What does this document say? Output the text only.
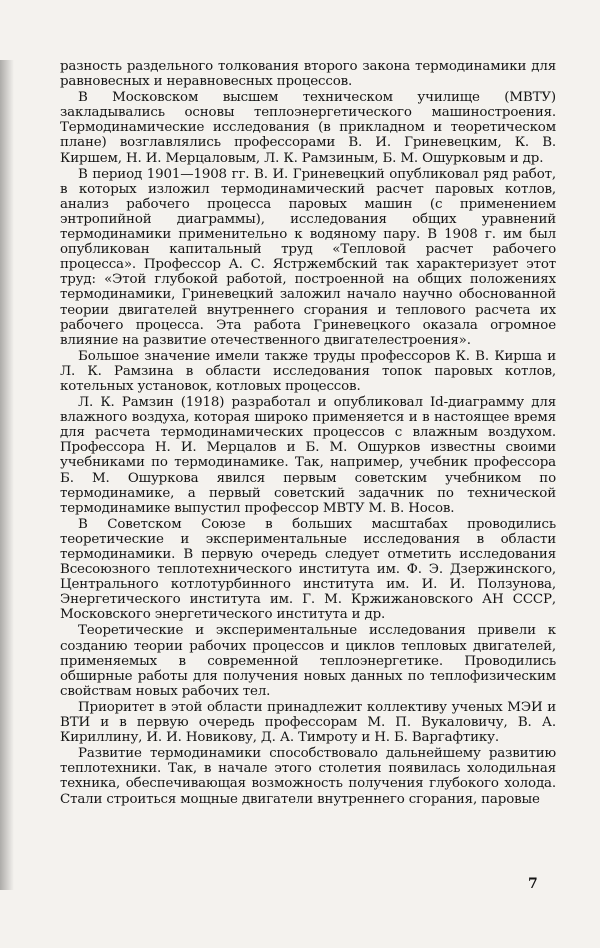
разность раздельного толкования второго закона термодинамики для равновесных и неравновесных процессов.

В Московском высшем техническом училище (МВТУ) закладывались основы теплоэнергетического машиностроения. Термодинамические исследования (в прикладном и теоретическом плане) возглавлялись профессорами В. И. Гриневецким, К. В. Киршем, Н. И. Мерцаловым, Л. К. Рамзиным, Б. М. Ошурковым и др.

В период 1901—1908 гг. В. И. Гриневецкий опубликовал ряд работ, в которых изложил термодинамический расчет паровых котлов, анализ рабочего процесса паровых машин (с применением энтропийной диаграммы), исследования общих уравнений термодинамики применительно к водяному пару. В 1908 г. им был опубликован капитальный труд «Тепловой расчет рабочего процесса». Профессор А. С. Ястржембский так характеризует этот труд: «Этой глубокой работой, построенной на общих положениях термодинамики, Гриневецкий заложил начало научно обоснованной теории двигателей внутреннего сгорания и теплового расчета их рабочего процесса. Эта работа Гриневецкого оказала огромное влияние на развитие отечественного двигателестроения».

Большое значение имели также труды профессоров К. В. Кирша и Л. К. Рамзина в области исследования топок паровых котлов, котельных установок, котловых процессов.

Л. К. Рамзин (1918) разработал и опубликовал Id-диаграмму для влажного воздуха, которая широко применяется и в настоящее время для расчета термодинамических процессов с влажным воздухом. Профессора Н. И. Мерцалов и Б. М. Ошурков известны своими учебниками по термодинамике. Так, например, учебник профессора Б. М. Ошуркова явился первым советским учебником по термодинамике, а первый советский задачник по технической термодинамике выпустил профессор МВТУ М. В. Носов.

В Советском Союзе в больших масштабах проводились теоретические и экспериментальные исследования в области термодинамики. В первую очередь следует отметить исследования Всесоюзного теплотехнического института им. Ф. Э. Дзержинского, Центрального котлотурбинного института им. И. И. Ползунова, Энергетического института им. Г. М. Кржижановского АН СССР, Московского энергетического института и др.

Теоретические и экспериментальные исследования привели к созданию теории рабочих процессов и циклов тепловых двигателей, применяемых в современной теплоэнергетике. Проводились обширные работы для получения новых данных по теплофизическим свойствам новых рабочих тел.

Приоритет в этой области принадлежит коллективу ученых МЭИ и ВТИ и в первую очередь профессорам М. П. Вукаловичу, В. А. Кириллину, И. И. Новикову, Д. А. Тимроту и Н. Б. Варгафтику.

Развитие термодинамики способствовало дальнейшему развитию теплотехники. Так, в начале этого столетия появилась холодильная техника, обеспечивающая возможность получения глубокого холода. Стали строиться мощные двигатели внутреннего сгорания, паровые

7
